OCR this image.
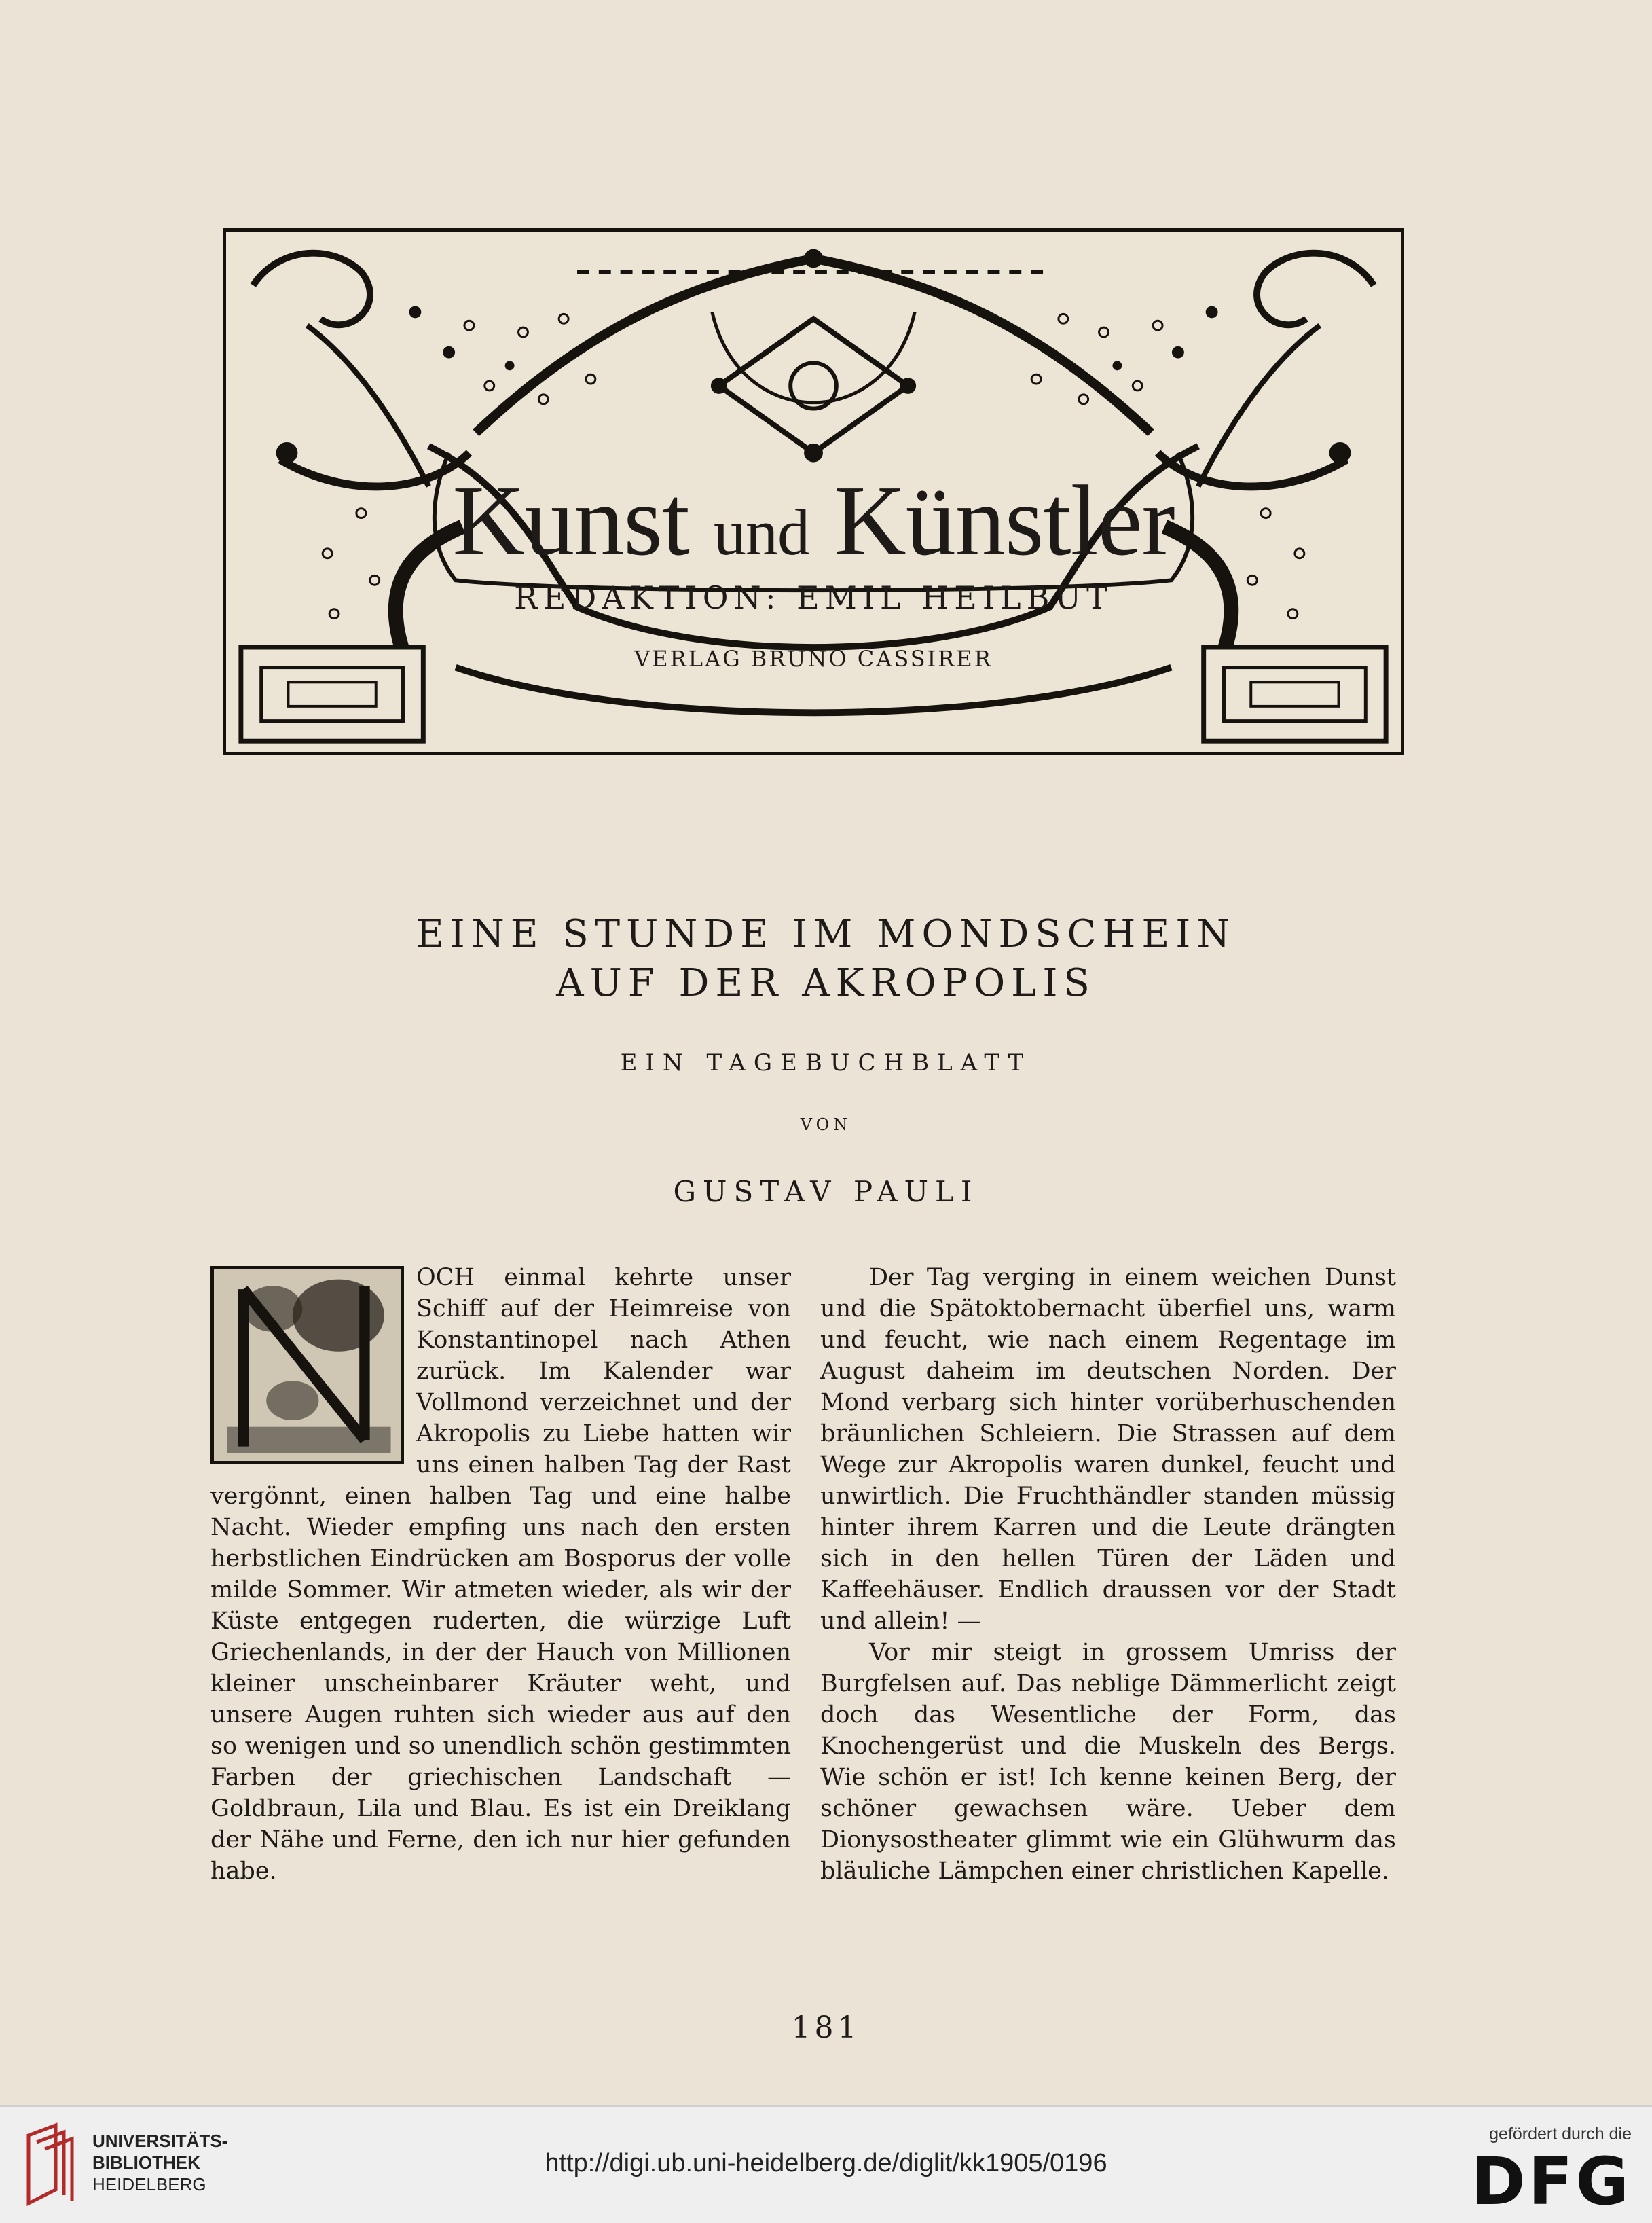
Kunst und Künstler
REDAKTION: EMIL HEILBUT
VERLAG BRUNO CASSIRER
EINE STUNDE IM MONDSCHEIN
AUF DER AKROPOLIS
EIN TAGEBUCHBLATT
VON
GUSTAV PAULI

OCH einmal kehrte unser Schiff auf der Heimreise von Konstantinopel nach Athen zurück. Im Kalender war Vollmond verzeichnet und der Akropolis zu Liebe hatten wir uns einen halben Tag der Rast vergönnt, einen halben Tag und eine halbe Nacht. Wieder empfing uns nach den ersten herbstlichen Eindrücken am Bosporus der volle milde Sommer. Wir atmeten wieder, als wir der Küste entgegen ruderten, die würzige Luft Griechenlands, in der der Hauch von Millionen kleiner unscheinbarer Kräuter weht, und unsere Augen ruhten sich wieder aus auf den so wenigen und so unendlich schön gestimmten Farben der griechischen Landschaft — Goldbraun, Lila und Blau. Es ist ein Dreiklang der Nähe und Ferne, den ich nur hier gefunden habe.

Der Tag verging in einem weichen Dunst und die Spätoktobernacht überfiel uns, warm und feucht, wie nach einem Regentage im August daheim im deutschen Norden. Der Mond verbarg sich hinter vorüberhuschenden bräunlichen Schleiern. Die Strassen auf dem Wege zur Akropolis waren dunkel, feucht und unwirtlich. Die Fruchthändler standen müssig hinter ihrem Karren und die Leute drängten sich in den hellen Türen der Läden und Kaffeehäuser. Endlich draussen vor der Stadt und allein! —

Vor mir steigt in grossem Umriss der Burgfelsen auf. Das neblige Dämmerlicht zeigt doch das Wesentliche der Form, das Knochengerüst und die Muskeln des Bergs. Wie schön er ist! Ich kenne keinen Berg, der schöner gewachsen wäre. Ueber dem Dionysostheater glimmt wie ein Glühwurm das bläuliche Lämpchen einer christlichen Kapelle.

181
UNIVERSITÄTS-
BIBLIOTHEK
HEIDELBERG
http://digi.ub.uni-heidelberg.de/diglit/kk1905/0196
gefördert durch die
DFG
